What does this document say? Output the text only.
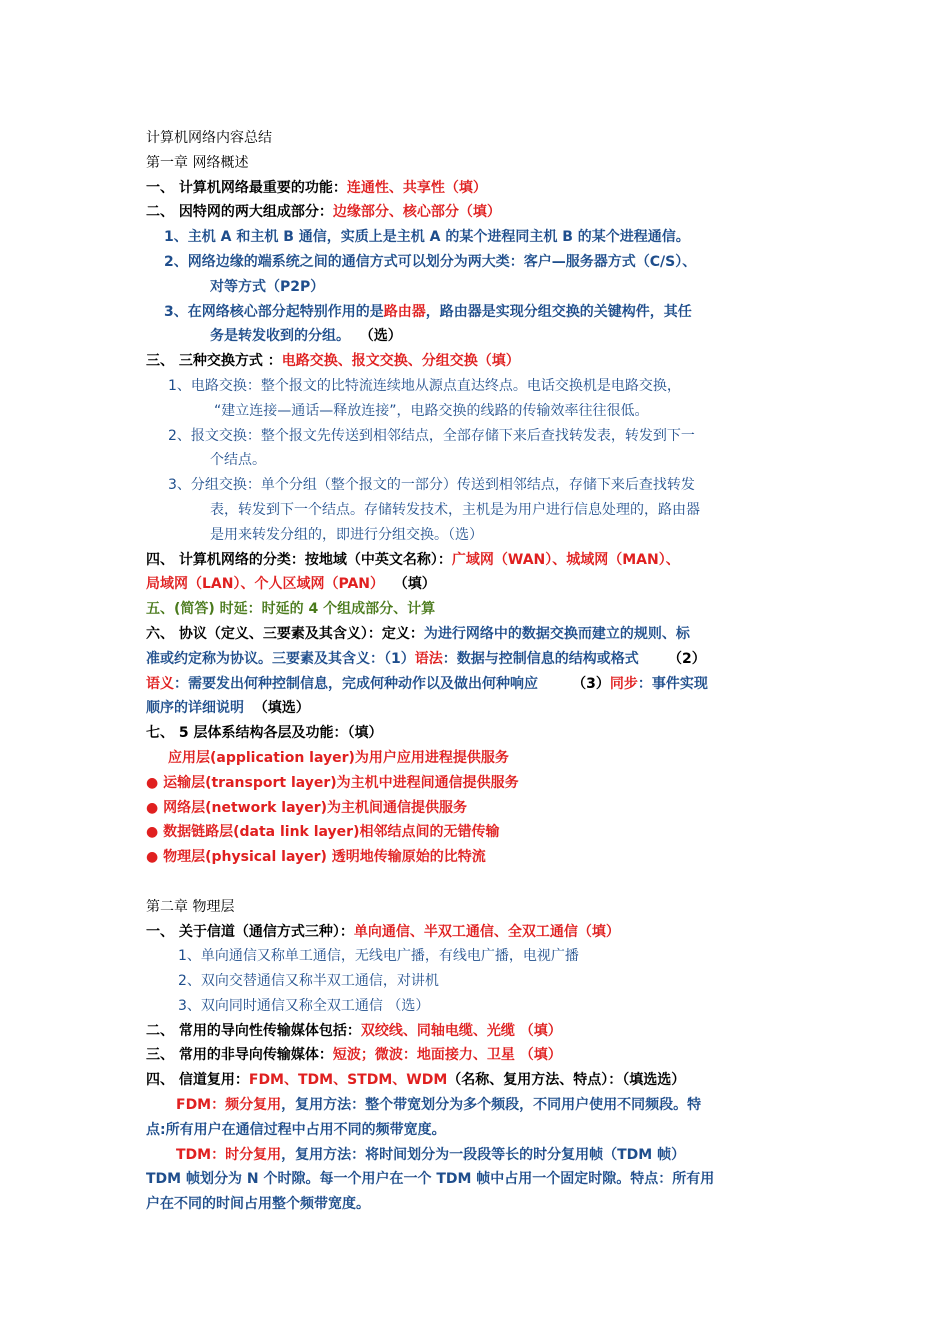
计算机网络内容总结
第一章 网络概述
一、 计算机网络最重要的功能：连通性、共享性（填）
二、 因特网的两大组成部分：边缘部分、核心部分（填）
1、主机 A 和主机 B 通信，实质上是主机 A 的某个进程同主机 B 的某个进程通信。
2、网络边缘的端系统之间的通信方式可以划分为两大类：客户—服务器方式（C/S）、
对等方式（P2P）
3、在网络核心部分起特别作用的是路由器，路由器是实现分组交换的关键构件，其任
务是转发收到的分组。 （选）
三、 三种交换方式 ：电路交换、报文交换、分组交换（填）
1、电路交换：整个报文的比特流连续地从源点直达终点。电话交换机是电路交换，
“建立连接—通话—释放连接”，电路交换的线路的传输效率往往很低。
2、报文交换：整个报文先传送到相邻结点，全部存储下来后查找转发表，转发到下一
个结点。
3、分组交换：单个分组（整个报文的一部分）传送到相邻结点，存储下来后查找转发
表，转发到下一个结点。存储转发技术，主机是为用户进行信息处理的，路由器
是用来转发分组的，即进行分组交换。（选）
四、 计算机网络的分类：按地域（中英文名称）：广域网（WAN）、城域网（MAN）、
局域网（LAN）、个人区域网（PAN） （填）
五、(简答) 时延：时延的 4 个组成部分、计算
六、 协议（定义、三要素及其含义）：定义：为进行网络中的数据交换而建立的规则、标
准或约定称为协议。三要素及其含义：（1）语法：数据与控制信息的结构或格式 （2）
语义：需要发出何种控制信息，完成何种动作以及做出何种响应 （3）同步：事件实现
顺序的详细说明 （填选）
七、 5 层体系结构各层及功能：（填）
应用层(application layer)为用户应用进程提供服务
● 运输层(transport layer)为主机中进程间通信提供服务
● 网络层(network layer)为主机间通信提供服务
● 数据链路层(data link layer)相邻结点间的无错传输
● 物理层(physical layer) 透明地传输原始的比特流
第二章 物理层
一、 关于信道（通信方式三种）：单向通信、半双工通信、全双工通信（填）
1、单向通信又称单工通信，无线电广播，有线电广播，电视广播
2、双向交替通信又称半双工通信，对讲机
3、双向同时通信又称全双工通信 （选）
二、 常用的导向性传输媒体包括：双绞线、同轴电缆、光缆 （填）
三、 常用的非导向传输媒体：短波；微波：地面接力、卫星 （填）
四、 信道复用：FDM、TDM、STDM、WDM（名称、复用方法、特点）：（填选选）
FDM：频分复用，复用方法：整个带宽划分为多个频段，不同用户使用不同频段。特
点:所有用户在通信过程中占用不同的频带宽度。
TDM：时分复用，复用方法：将时间划分为一段段等长的时分复用帧（TDM 帧）
TDM 帧划分为 N 个时隙。每一个用户在一个 TDM 帧中占用一个固定时隙。特点：所有用
户在不同的时间占用整个频带宽度。
